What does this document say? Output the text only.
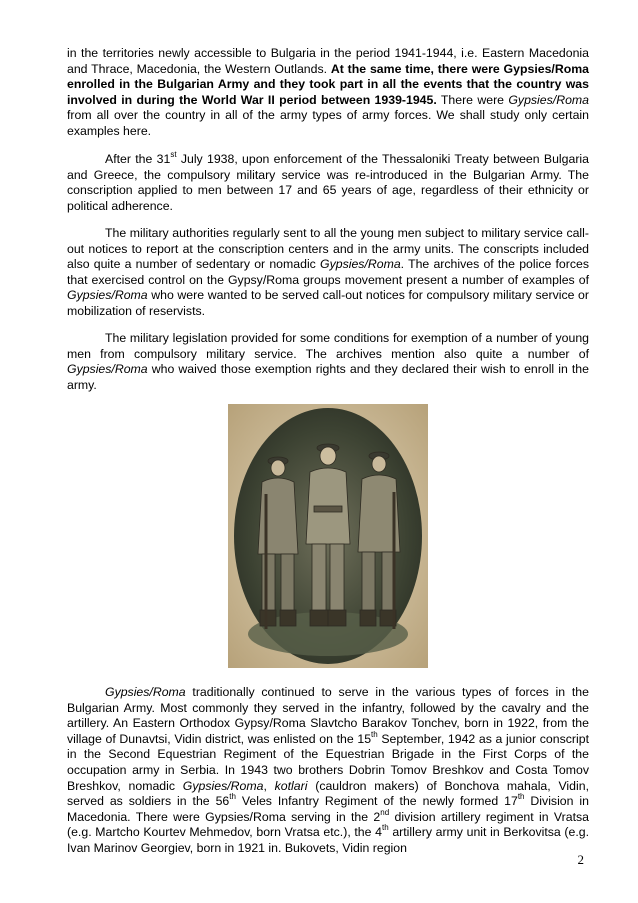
in the territories newly accessible to Bulgaria in the period 1941-1944, i.e. Eastern Macedonia and Thrace, Macedonia, the Western Outlands. At the same time, there were Gypsies/Roma enrolled in the Bulgarian Army and they took part in all the events that the country was involved in during the World War II period between 1939-1945. There were Gypsies/Roma from all over the country in all of the army types of army forces. We shall study only certain examples here.
After the 31st July 1938, upon enforcement of the Thessaloniki Treaty between Bulgaria and Greece, the compulsory military service was re-introduced in the Bulgarian Army. The conscription applied to men between 17 and 65 years of age, regardless of their ethnicity or political adherence.
The military authorities regularly sent to all the young men subject to military service call-out notices to report at the conscription centers and in the army units. The conscripts included also quite a number of sedentary or nomadic Gypsies/Roma. The archives of the police forces that exercised control on the Gypsy/Roma groups movement present a number of examples of Gypsies/Roma who were wanted to be served call-out notices for compulsory military service or mobilization of reservists.
The military legislation provided for some conditions for exemption of a number of young men from compulsory military service. The archives mention also quite a number of Gypsies/Roma who waived those exemption rights and they declared their wish to enroll in the army.
Gypsies/Roma traditionally continued to serve in the various types of forces in the Bulgarian Army. Most commonly they served in the infantry, followed by the cavalry and the artillery. An Eastern Orthodox Gypsy/Roma Slavtcho Barakov Tonchev, born in 1922, from the village of Dunavtsi, Vidin district, was enlisted on the 15th September, 1942 as a junior conscript in the Second Equestrian Regiment of the Equestrian Brigade in the First Corps of the occupation army in Serbia. In 1943 two brothers Dobrin Tomov Breshkov and Costa Tomov Breshkov, nomadic Gypsies/Roma, kotlari (cauldron makers) of Bonchova mahala, Vidin, served as soldiers in the 56th Veles Infantry Regiment of the newly formed 17th Division in Macedonia. There were Gypsies/Roma serving in the 2nd division artillery regiment in Vratsa (e.g. Martcho Kourtev Mehmedov, born Vratsa etc.), the 4th artillery army unit in Berkovitsa (e.g. Ivan Marinov Georgiev, born in 1921 in. Bukovets, Vidin region
2
